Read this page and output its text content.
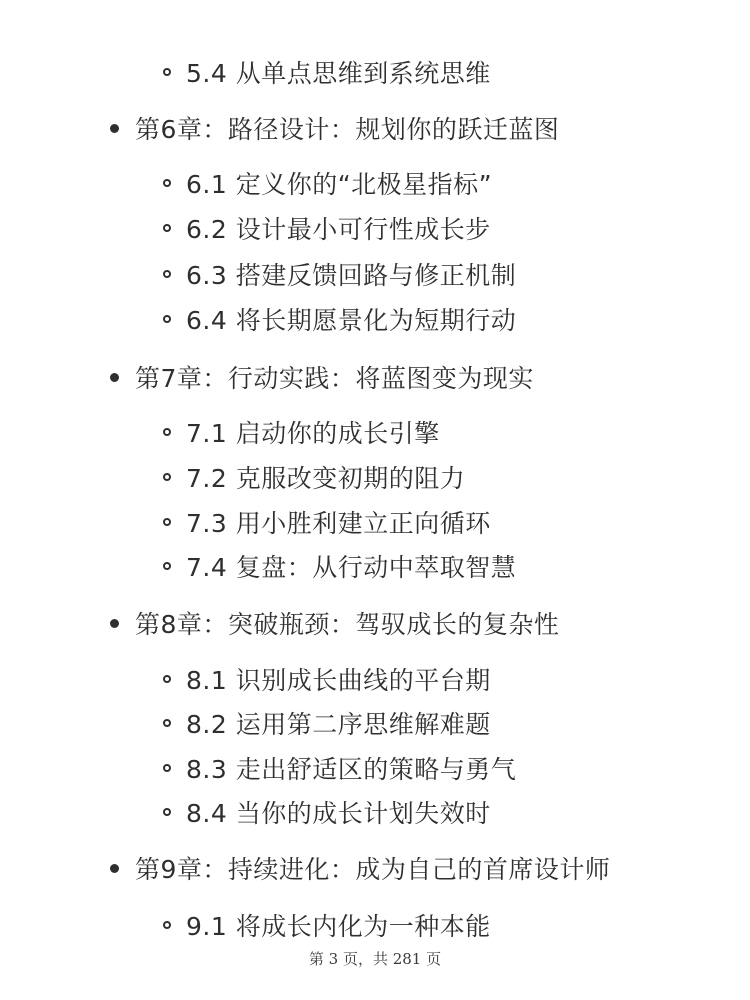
5.4 从单点思维到系统思维
第6章：路径设计：规划你的跃迁蓝图
6.1 定义你的“北极星指标”
6.2 设计最小可行性成长步
6.3 搭建反馈回路与修正机制
6.4 将长期愿景化为短期行动
第7章：行动实践：将蓝图变为现实
7.1 启动你的成长引擎
7.2 克服改变初期的阻力
7.3 用小胜利建立正向循环
7.4 复盘：从行动中萃取智慧
第8章：突破瓶颈：驾驭成长的复杂性
8.1 识别成长曲线的平台期
8.2 运用第二序思维解难题
8.3 走出舒适区的策略与勇气
8.4 当你的成长计划失效时
第9章：持续进化：成为自己的首席设计师
9.1 将成长内化为一种本能
第 3 页，共 281 页
